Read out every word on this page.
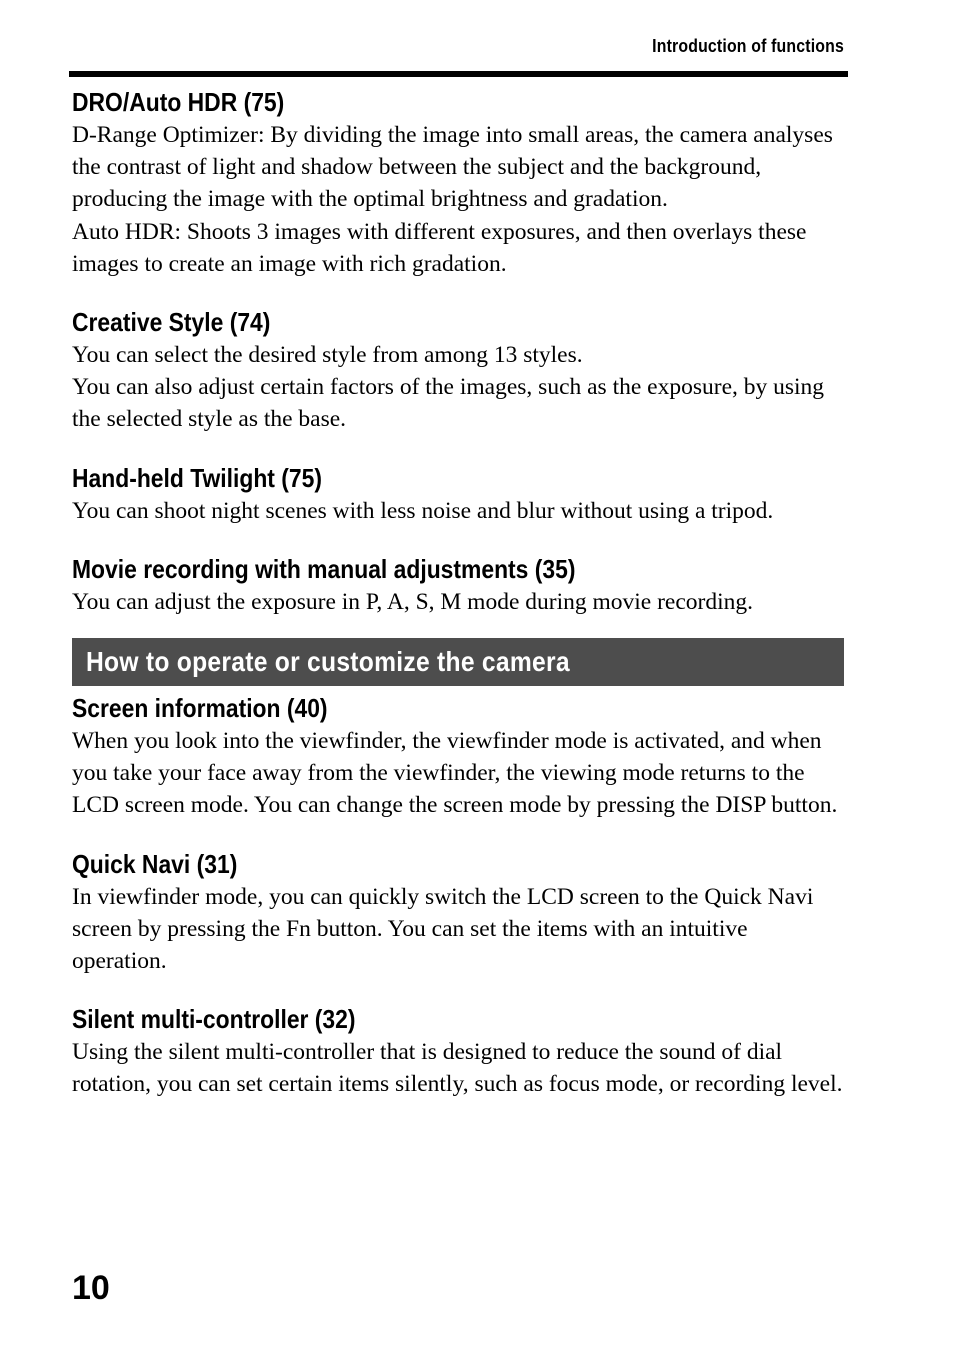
Introduction of functions
DRO/Auto HDR (75)

D-Range Optimizer: By dividing the image into small areas, the camera analyses the contrast of light and shadow between the subject and the background, producing the image with the optimal brightness and gradation.

Auto HDR: Shoots 3 images with different exposures, and then overlays these images to create an image with rich gradation.

Creative Style (74)

You can select the desired style from among 13 styles.

You can also adjust certain factors of the images, such as the exposure, by using the selected style as the base.

Hand-held Twilight (75)

You can shoot night scenes with less noise and blur without using a tripod.

Movie recording with manual adjustments (35)

You can adjust the exposure in P, A, S, M mode during movie recording.

How to operate or customize the camera
Screen information (40)

When you look into the viewfinder, the viewfinder mode is activated, and when you take your face away from the viewfinder, the viewing mode returns to the LCD screen mode. You can change the screen mode by pressing the DISP button.

Quick Navi (31)

In viewfinder mode, you can quickly switch the LCD screen to the Quick Navi screen by pressing the Fn button. You can set the items with an intuitive operation.

Silent multi-controller (32)

Using the silent multi-controller that is designed to reduce the sound of dial rotation, you can set certain items silently, such as focus mode, or recording level.

10
